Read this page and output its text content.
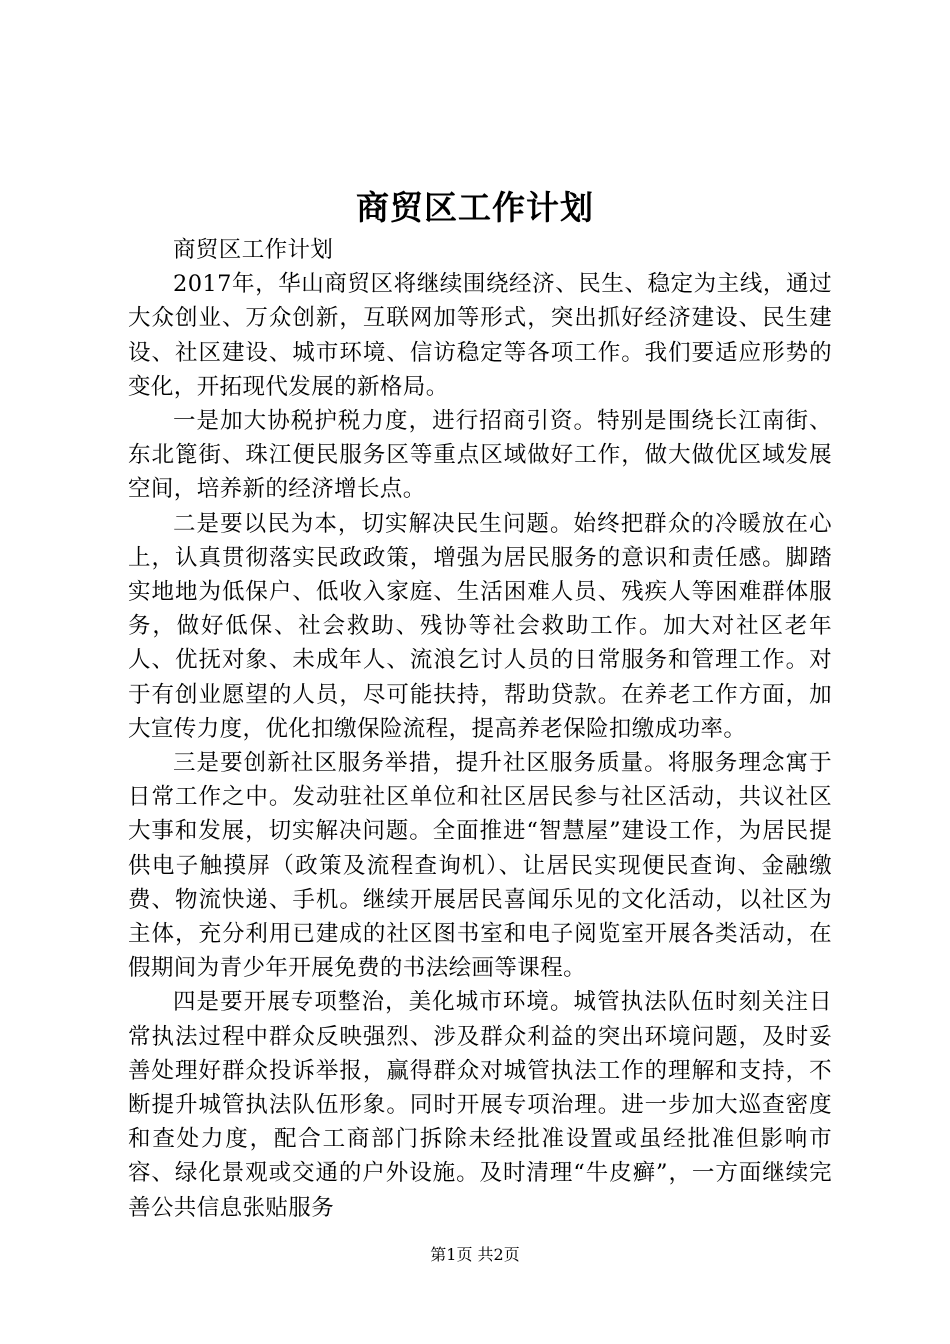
商贸区工作计划

商贸区工作计划

2017年，华山商贸区将继续围绕经济、民生、稳定为主线，通过大众创业、万众创新，互联网加等形式，突出抓好经济建设、民生建设、社区建设、城市环境、信访稳定等各项工作。我们要适应形势的变化，开拓现代发展的新格局。

一是加大协税护税力度，进行招商引资。特别是围绕长江南街、东北篦街、珠江便民服务区等重点区域做好工作，做大做优区域发展空间，培养新的经济增长点。

二是要以民为本，切实解决民生问题。始终把群众的冷暖放在心上，认真贯彻落实民政政策，增强为居民服务的意识和责任感。脚踏实地地为低保户、低收入家庭、生活困难人员、残疾人等困难群体服务，做好低保、社会救助、残协等社会救助工作。加大对社区老年人、优抚对象、未成年人、流浪乞讨人员的日常服务和管理工作。对于有创业愿望的人员，尽可能扶持，帮助贷款。在养老工作方面，加大宣传力度，优化扣缴保险流程，提高养老保险扣缴成功率。

三是要创新社区服务举措，提升社区服务质量。将服务理念寓于日常工作之中。发动驻社区单位和社区居民参与社区活动，共议社区大事和发展，切实解决问题。全面推进“智慧屋”建设工作，为居民提供电子触摸屏（政策及流程查询机）、让居民实现便民查询、金融缴费、物流快递、手机。继续开展居民喜闻乐见的文化活动，以社区为主体，充分利用已建成的社区图书室和电子阅览室开展各类活动，在假期间为青少年开展免费的书法绘画等课程。

四是要开展专项整治，美化城市环境。城管执法队伍时刻关注日常执法过程中群众反映强烈、涉及群众利益的突出环境问题，及时妥善处理好群众投诉举报，赢得群众对城管执法工作的理解和支持，不断提升城管执法队伍形象。同时开展专项治理。进一步加大巡查密度和查处力度，配合工商部门拆除未经批准设置或虽经批准但影响市容、绿化景观或交通的户外设施。及时清理“牛皮癣”，一方面继续完善公共信息张贴服务

第1页 共2页
